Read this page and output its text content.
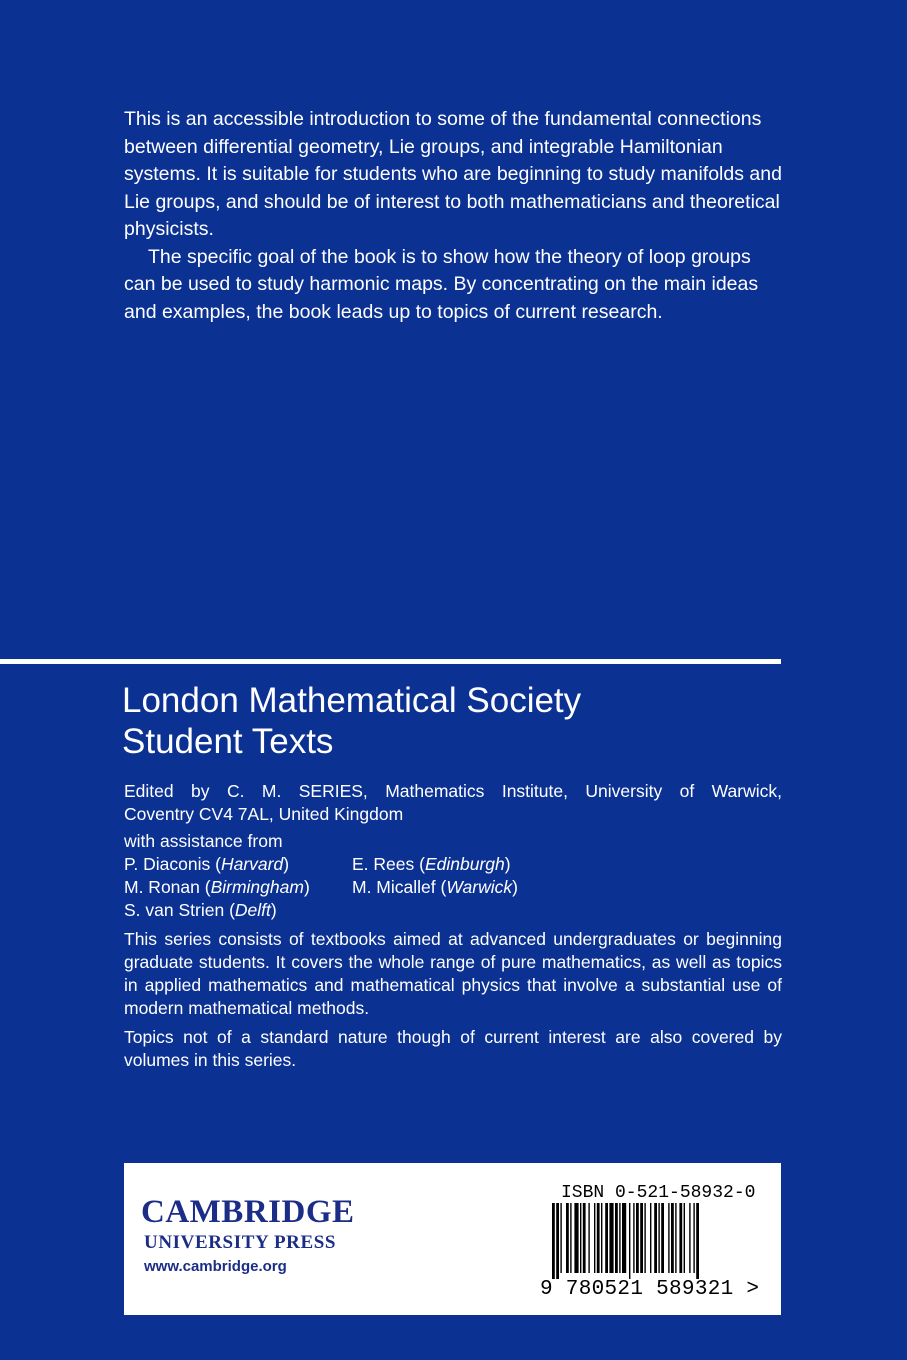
This is an accessible introduction to some of the fundamental connections between differential geometry, Lie groups, and integrable Hamiltonian systems. It is suitable for students who are beginning to study manifolds and Lie groups, and should be of interest to both mathematicians and theoretical physicists.

The specific goal of the book is to show how the theory of loop groups can be used to study harmonic maps. By concentrating on the main ideas and examples, the book leads up to topics of current research.

London Mathematical Society
Student Texts
Edited by C. M. SERIES, Mathematics Institute, University of Warwick,
Coventry CV4 7AL, United Kingdom
with assistance from
P. Diaconis (Harvard)	E. Rees (Edinburgh)
M. Ronan (Birmingham)	M. Micallef (Warwick)
S. van Strien (Delft)

This series consists of textbooks aimed at advanced undergraduates or beginning graduate students. It covers the whole range of pure mathematics, as well as topics in applied mathematics and mathematical physics that involve a substantial use of modern mathematical methods.

Topics not of a standard nature though of current interest are also covered by volumes in this series.

CAMBRIDGE
UNIVERSITY PRESS
www.cambridge.org
ISBN 0-521-58932-0
9 780521 589321 >
